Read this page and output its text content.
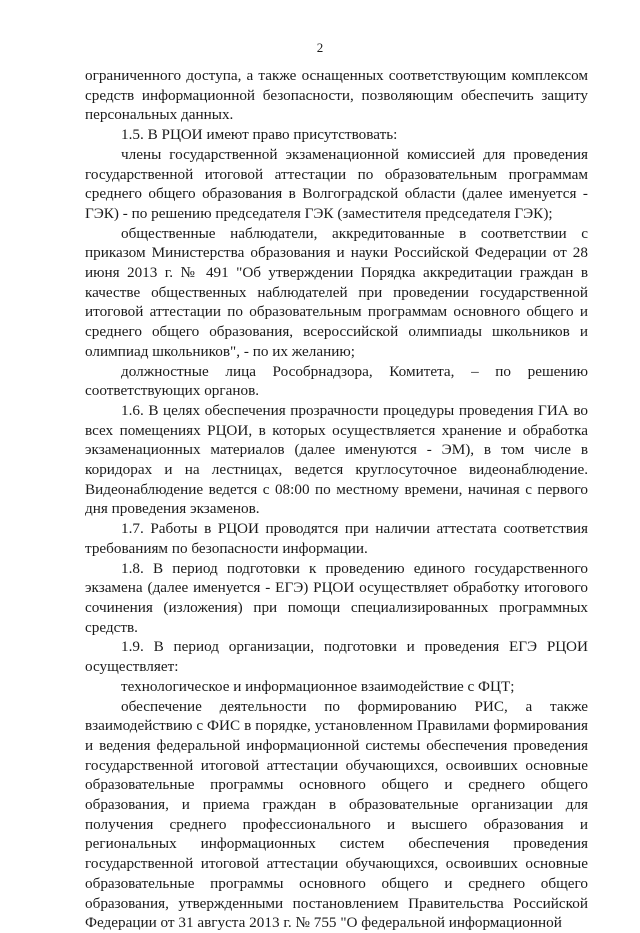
2

ограниченного доступа, а также оснащенных соответствующим комплексом средств информационной безопасности, позволяющим обеспечить защиту персональных данных.

1.5. В РЦОИ имеют право присутствовать:

члены государственной экзаменационной комиссией для проведения государственной итоговой аттестации по образовательным программам среднего общего образования в Волгоградской области (далее именуется - ГЭК) - по решению председателя ГЭК (заместителя председателя ГЭК);

общественные наблюдатели, аккредитованные в соответствии с приказом Министерства образования и науки Российской Федерации от 28 июня 2013 г. № 491 "Об утверждении Порядка аккредитации граждан в качестве общественных наблюдателей при проведении государственной итоговой аттестации по образовательным программам основного общего и среднего общего образования, всероссийской олимпиады школьников и олимпиад школьников", - по их желанию;

должностные лица Рособрнадзора, Комитета, – по решению соответствующих органов.

1.6. В целях обеспечения прозрачности процедуры проведения ГИА во всех помещениях РЦОИ, в которых осуществляется хранение и обработка экзаменационных материалов (далее именуются - ЭМ), в том числе в коридорах и на лестницах, ведется круглосуточное видеонаблюдение. Видеонаблюдение ведется с 08:00 по местному времени, начиная с первого дня проведения экзаменов.

1.7. Работы в РЦОИ проводятся при наличии аттестата соответствия требованиям по безопасности информации.

1.8. В период подготовки к проведению единого государственного экзамена (далее именуется - ЕГЭ) РЦОИ осуществляет обработку итогового сочинения (изложения) при помощи специализированных программных средств.

1.9. В период организации, подготовки и проведения ЕГЭ РЦОИ осуществляет:

технологическое и информационное взаимодействие с ФЦТ;

обеспечение деятельности по формированию РИС, а также взаимодействию с ФИС в порядке, установленном Правилами формирования и ведения федеральной информационной системы обеспечения проведения государственной итоговой аттестации обучающихся, освоивших основные образовательные программы основного общего и среднего общего образования, и приема граждан в образовательные организации для получения среднего профессионального и высшего образования и региональных информационных систем обеспечения проведения государственной итоговой аттестации обучающихся, освоивших основные образовательные программы основного общего и среднего общего образования, утвержденными постановлением Правительства Российской Федерации от 31 августа 2013 г. № 755 "О федеральной информационной
